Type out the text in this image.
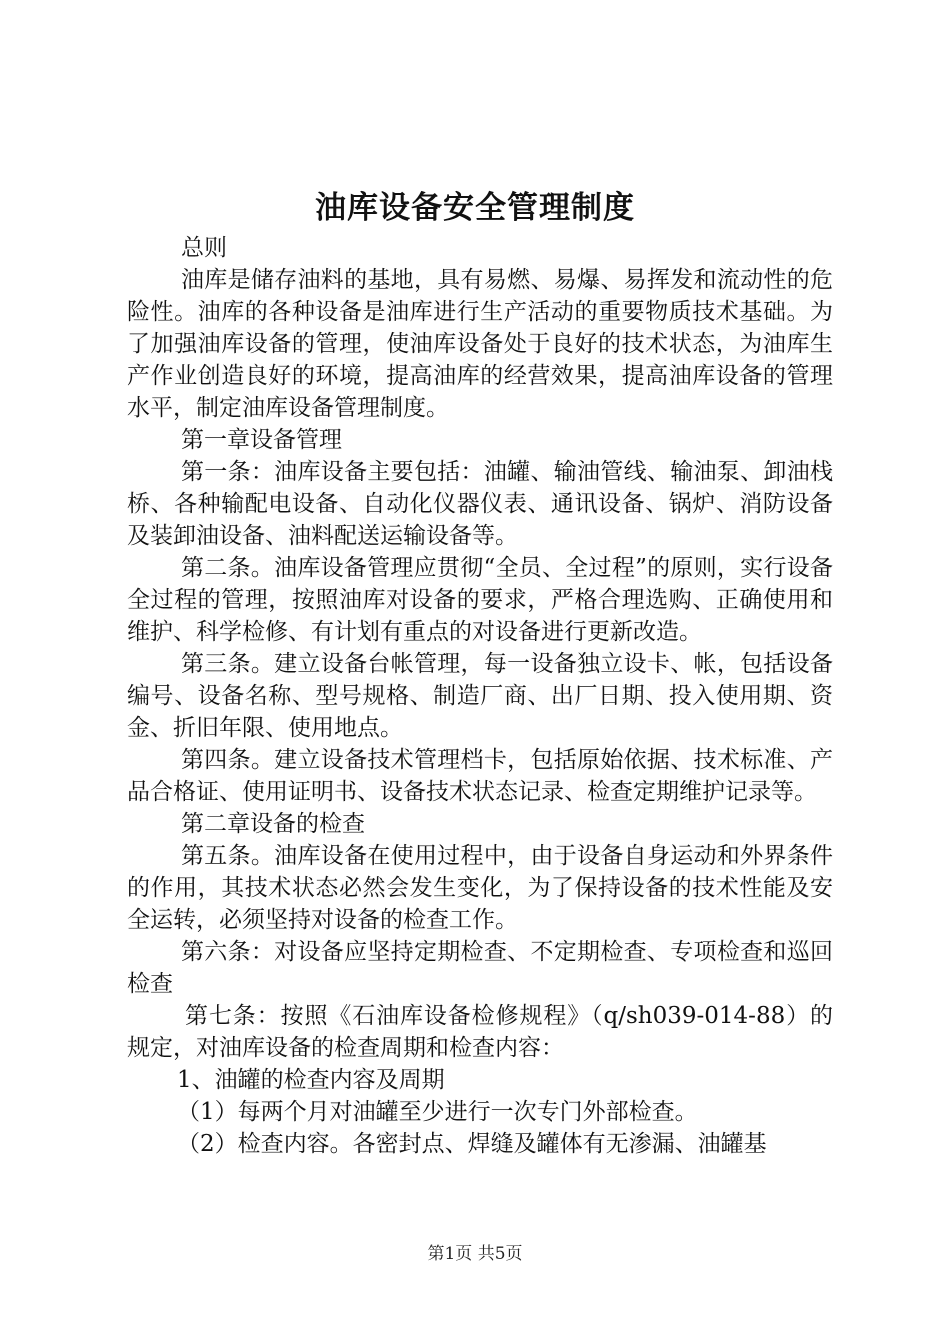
油库设备安全管理制度

总则

油库是储存油料的基地，具有易燃、易爆、易挥发和流动性的危险性。油库的各种设备是油库进行生产活动的重要物质技术基础。为了加强油库设备的管理，使油库设备处于良好的技术状态，为油库生产作业创造良好的环境，提高油库的经营效果，提高油库设备的管理水平，制定油库设备管理制度。

第一章设备管理

第一条：油库设备主要包括：油罐、输油管线、输油泵、卸油栈桥、各种输配电设备、自动化仪器仪表、通讯设备、锅炉、消防设备及装卸油设备、油料配送运输设备等。

第二条。油库设备管理应贯彻“全员、全过程”的原则，实行设备全过程的管理，按照油库对设备的要求，严格合理选购、正确使用和维护、科学检修、有计划有重点的对设备进行更新改造。

第三条。建立设备台帐管理，每一设备独立设卡、帐，包括设备编号、设备名称、型号规格、制造厂商、出厂日期、投入使用期、资金、折旧年限、使用地点。

第四条。建立设备技术管理档卡，包括原始依据、技术标准、产品合格证、使用证明书、设备技术状态记录、检查定期维护记录等。

第二章设备的检查

第五条。油库设备在使用过程中，由于设备自身运动和外界条件的作用，其技术状态必然会发生变化，为了保持设备的技术性能及安全运转，必须坚持对设备的检查工作。

第六条：对设备应坚持定期检查、不定期检查、专项检查和巡回检查

第七条：按照《石油库设备检修规程》（q/sh039-014-88）的规定，对油库设备的检查周期和检查内容：

1、油罐的检查内容及周期

（1）每两个月对油罐至少进行一次专门外部检查。

（2）检查内容。各密封点、焊缝及罐体有无渗漏、油罐基

第1页 共5页
